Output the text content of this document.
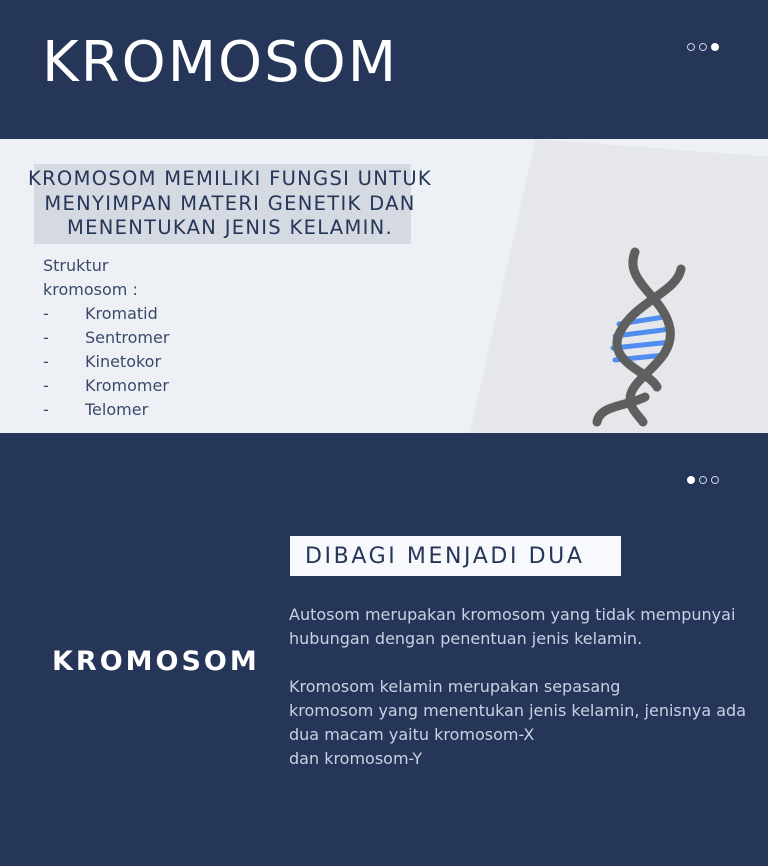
KROMOSOM

KROMOSOM MEMILIKI FUNGSI UNTUK
MENYIMPAN MATERI GENETIK DAN
MENENTUKAN JENIS KELAMIN.

Struktur
kromosom :
-	Kromatid
-	Sentromer
-	Kinetokor
-	Kromomer
-	Telomer
KROMOSOM
DIBAGI MENJADI DUA

Autosom merupakan kromosom yang tidak mempunyai
hubungan dengan penentuan jenis kelamin.

Kromosom kelamin merupakan sepasang
kromosom yang menentukan jenis kelamin, jenisnya ada
dua macam yaitu kromosom-X
dan kromosom-Y
